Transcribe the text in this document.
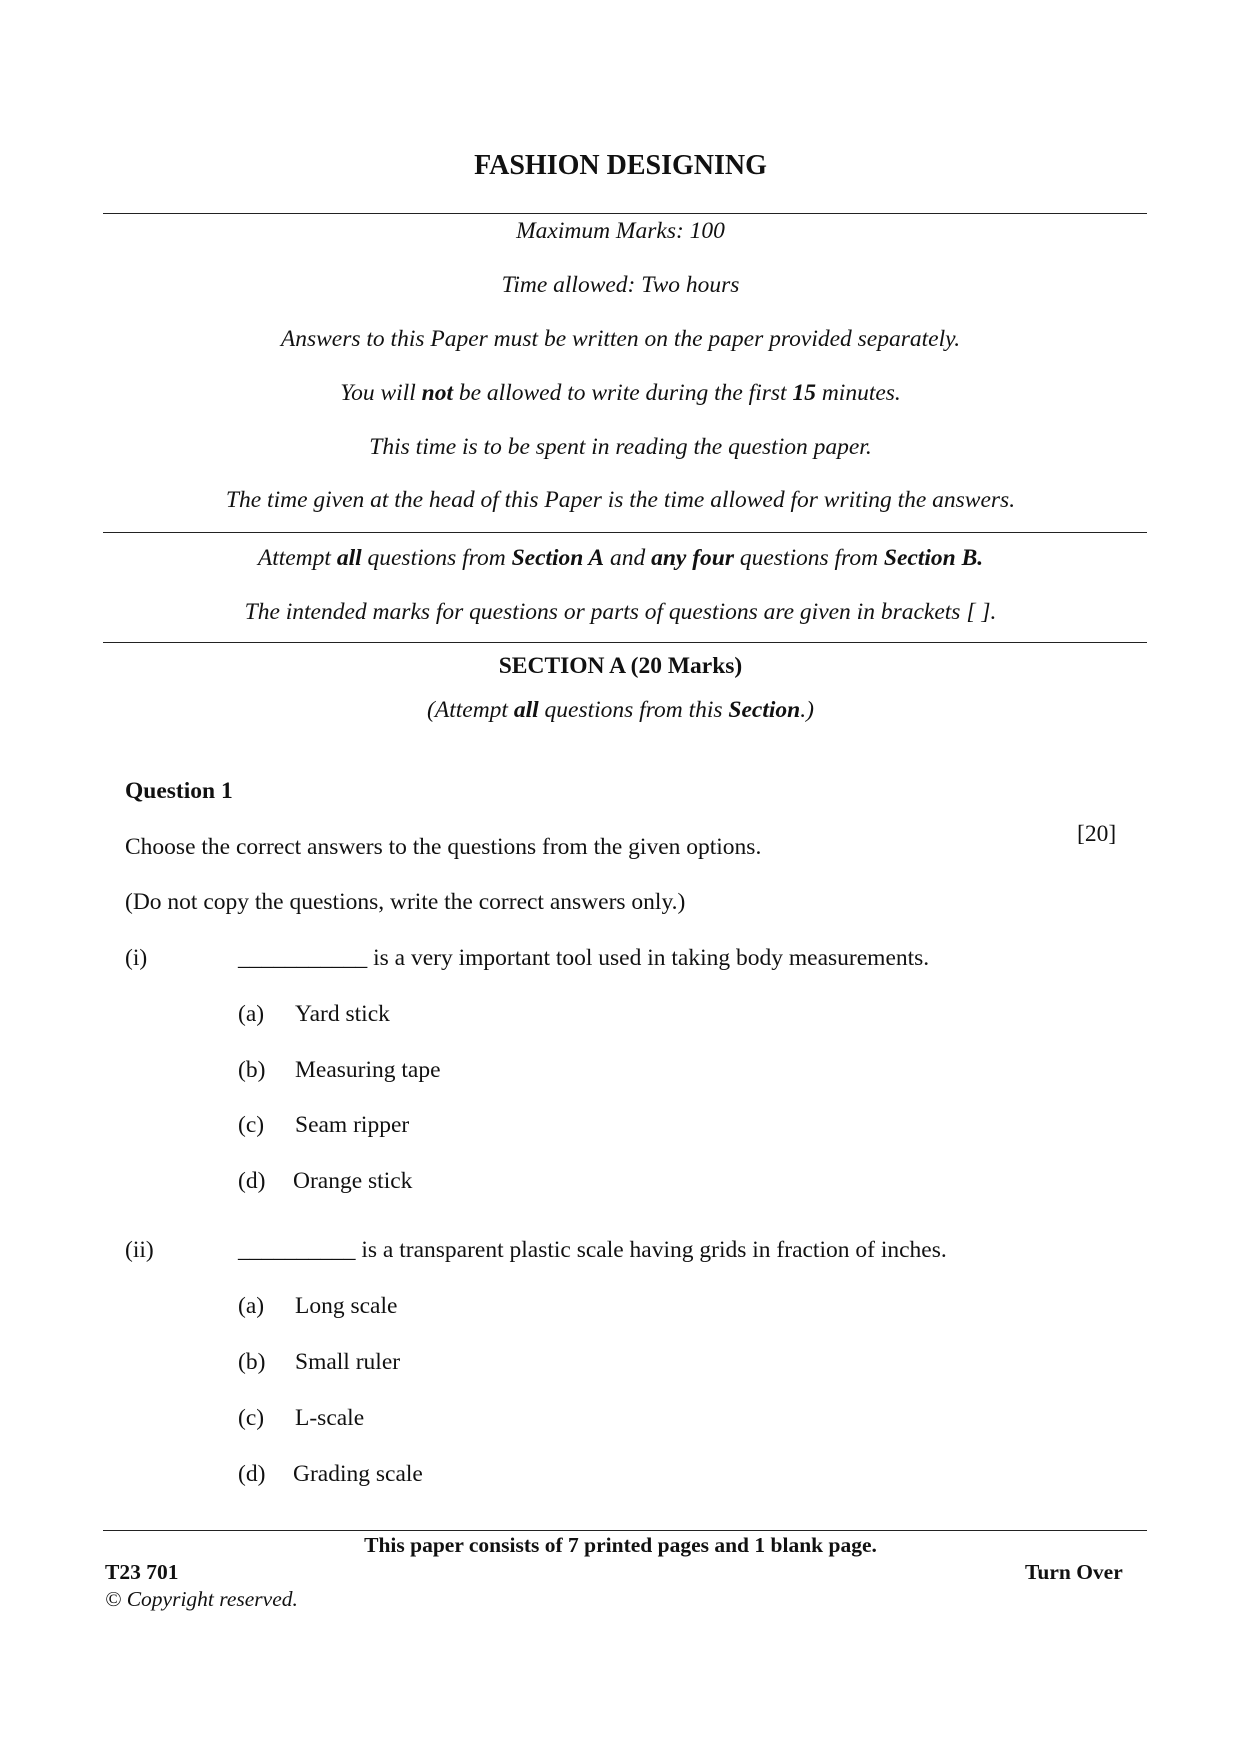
FASHION DESIGNING
Maximum Marks: 100
Time allowed: Two hours
Answers to this Paper must be written on the paper provided separately.
You will not be allowed to write during the first 15 minutes.
This time is to be spent in reading the question paper.
The time given at the head of this Paper is the time allowed for writing the answers.
Attempt all questions from Section A and any four questions from Section B.
The intended marks for questions or parts of questions are given in brackets [ ].
SECTION A (20 Marks)
(Attempt all questions from this Section.)
Question 1
[20]
Choose the correct answers to the questions from the given options.
(Do not copy the questions, write the correct answers only.)
(i)	___________ is a very important tool used in taking body measurements.
(a) Yard stick
(b) Measuring tape
(c) Seam ripper
(d) Orange stick
(ii)	__________ is a transparent plastic scale having grids in fraction of inches.
(a) Long scale
(b) Small ruler
(c) L-scale
(d) Grading scale
This paper consists of 7 printed pages and 1 blank page.
T23 701	Turn Over
© Copyright reserved.
